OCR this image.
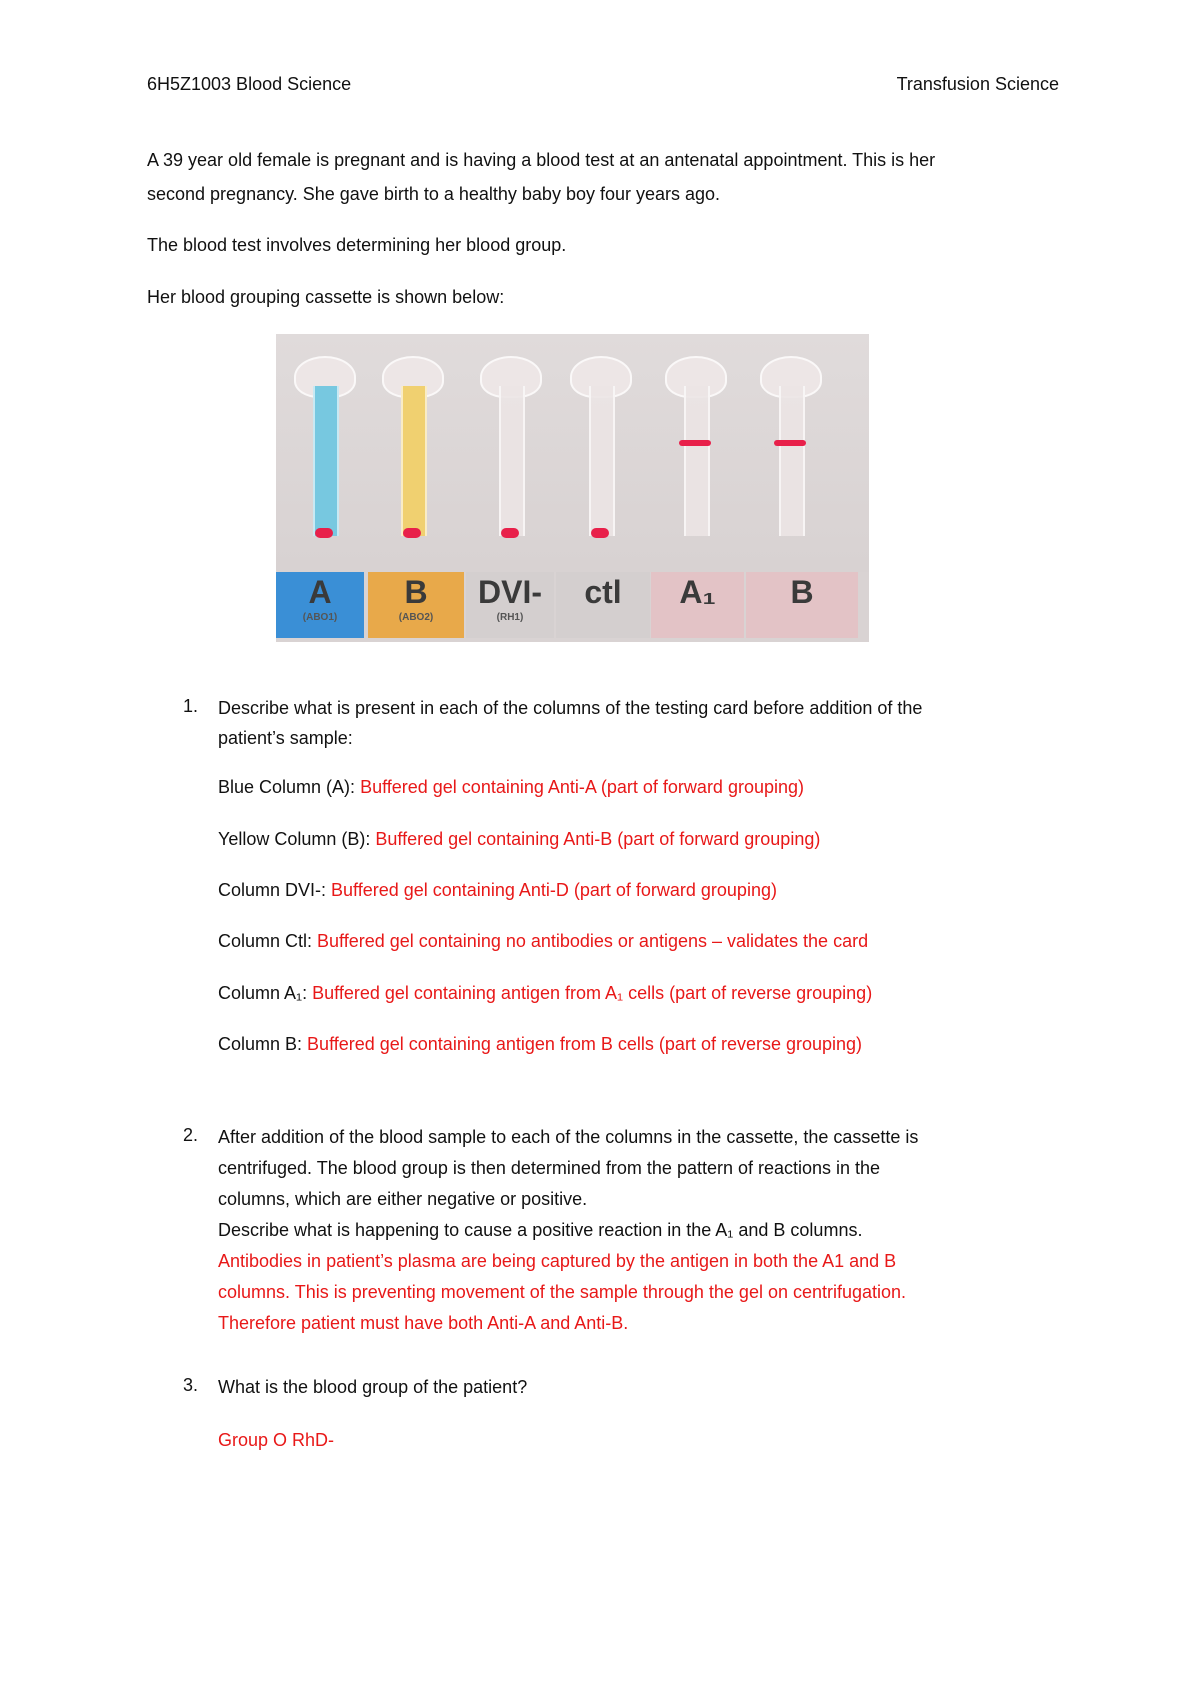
6H5Z1003 Blood Science	Transfusion Science
A 39 year old female is pregnant and is having a blood test at an antenatal appointment. This is her
second pregnancy. She gave birth to a healthy baby boy four years ago.
The blood test involves determining her blood group.
Her blood grouping cassette is shown below:
A
(ABO1)
B
(ABO2)
DVI-
(RH1)
ctl	A₁	B
1. Describe what is present in each of the columns of the testing card before addition of the
patient’s sample:
Blue Column (A): Buffered gel containing Anti-A (part of forward grouping)
Yellow Column (B): Buffered gel containing Anti-B (part of forward grouping)
Column DVI-: Buffered gel containing Anti-D (part of forward grouping)
Column Ctl: Buffered gel containing no antibodies or antigens – validates the card
Column A₁: Buffered gel containing antigen from A₁ cells (part of reverse grouping)
Column B: Buffered gel containing antigen from B cells (part of reverse grouping)
2. After addition of the blood sample to each of the columns in the cassette, the cassette is
centrifuged. The blood group is then determined from the pattern of reactions in the
columns, which are either negative or positive.
Describe what is happening to cause a positive reaction in the A₁ and B columns.
Antibodies in patient’s plasma are being captured by the antigen in both the A1 and B
columns. This is preventing movement of the sample through the gel on centrifugation.
Therefore patient must have both Anti-A and Anti-B.
3. What is the blood group of the patient?
Group O RhD-
